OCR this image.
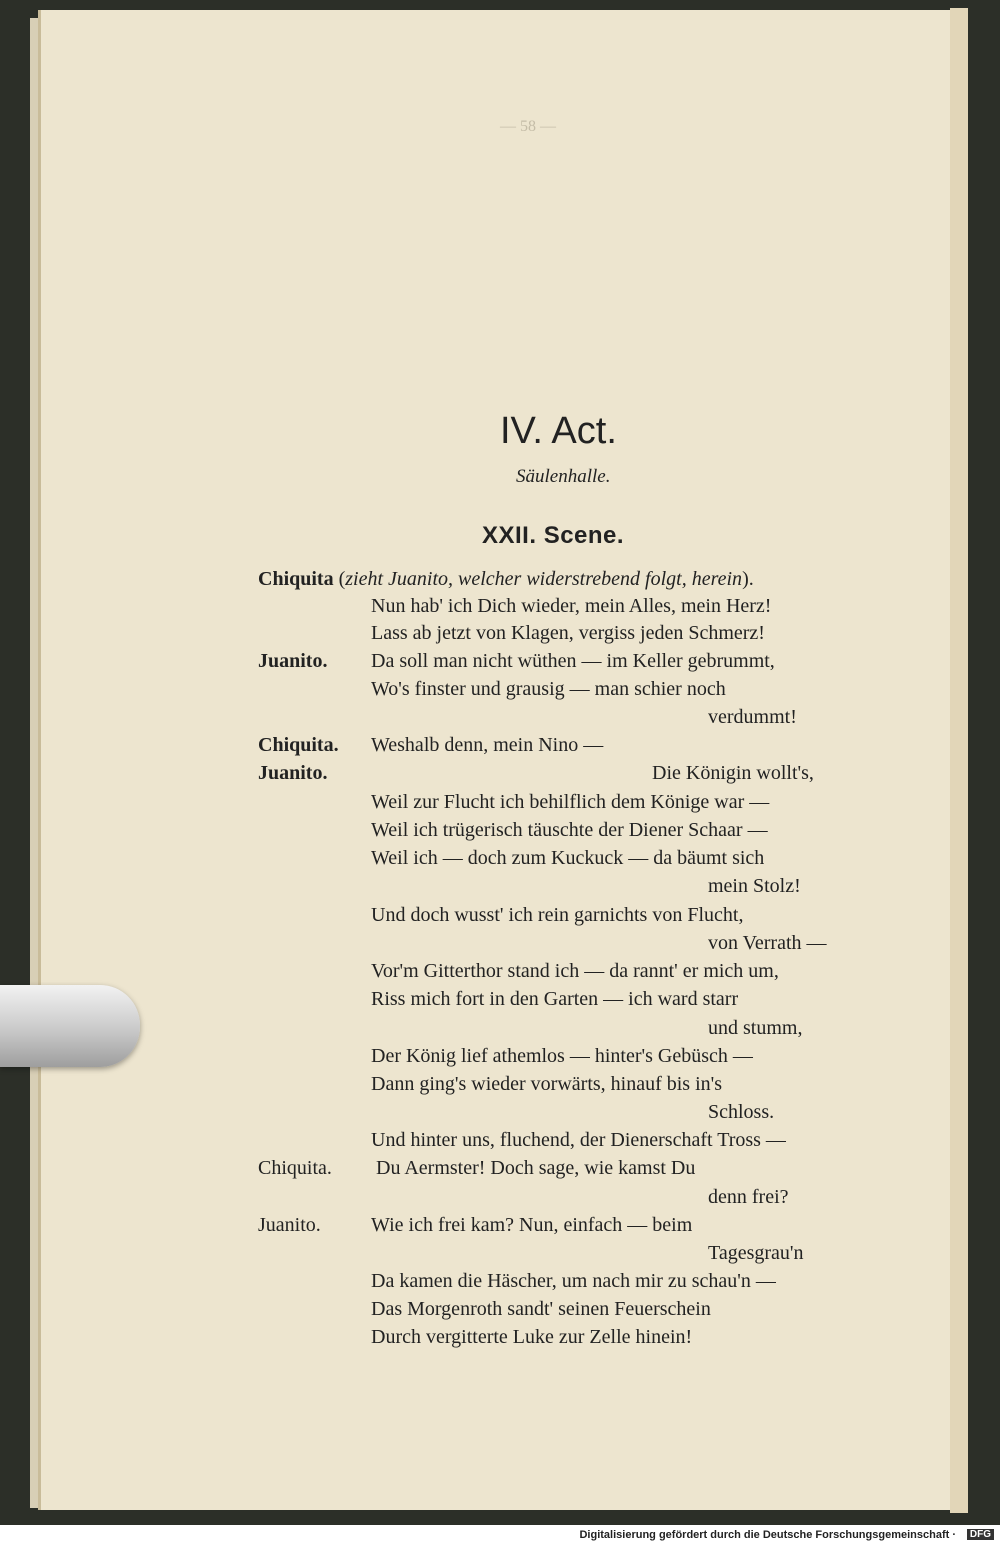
— 58 —
IV. Act.
Säulenhalle.
XXII. Scene.
Chiquita (zieht Juanito, welcher widerstrebend folgt, herein).
Juanito.
Chiquita.
Juanito.
Chiquita.
Juanito.
Nun hab' ich Dich wieder, mein Alles, mein Herz!
Lass ab jetzt von Klagen, vergiss jeden Schmerz!
Da soll man nicht wüthen — im Keller gebrummt,
Wo's finster und grausig — man schier noch
verdummt!
Weshalb denn, mein Nino —
Die Königin wollt's,
Weil zur Flucht ich behilflich dem Könige war —
Weil ich trügerisch täuschte der Diener Schaar —
Weil ich — doch zum Kuckuck — da bäumt sich
mein Stolz!
Und doch wusst' ich rein garnichts von Flucht,
von Verrath —
Vor'm Gitterthor stand ich — da rannt' er mich um,
Riss mich fort in den Garten — ich ward starr
und stumm,
Der König lief athemlos — hinter's Gebüsch —
Dann ging's wieder vorwärts, hinauf bis in's
Schloss.
Und hinter uns, fluchend, der Dienerschaft Tross —
Du Aermster! Doch sage, wie kamst Du
denn frei?
Wie ich frei kam? Nun, einfach — beim
Tagesgrau'n
Da kamen die Häscher, um nach mir zu schau'n —
Das Morgenroth sandt' seinen Feuerschein
Durch vergitterte Luke zur Zelle hinein!
Digitalisierung gefördert durch die Deutsche Forschungsgemeinschaft ·	DFG
